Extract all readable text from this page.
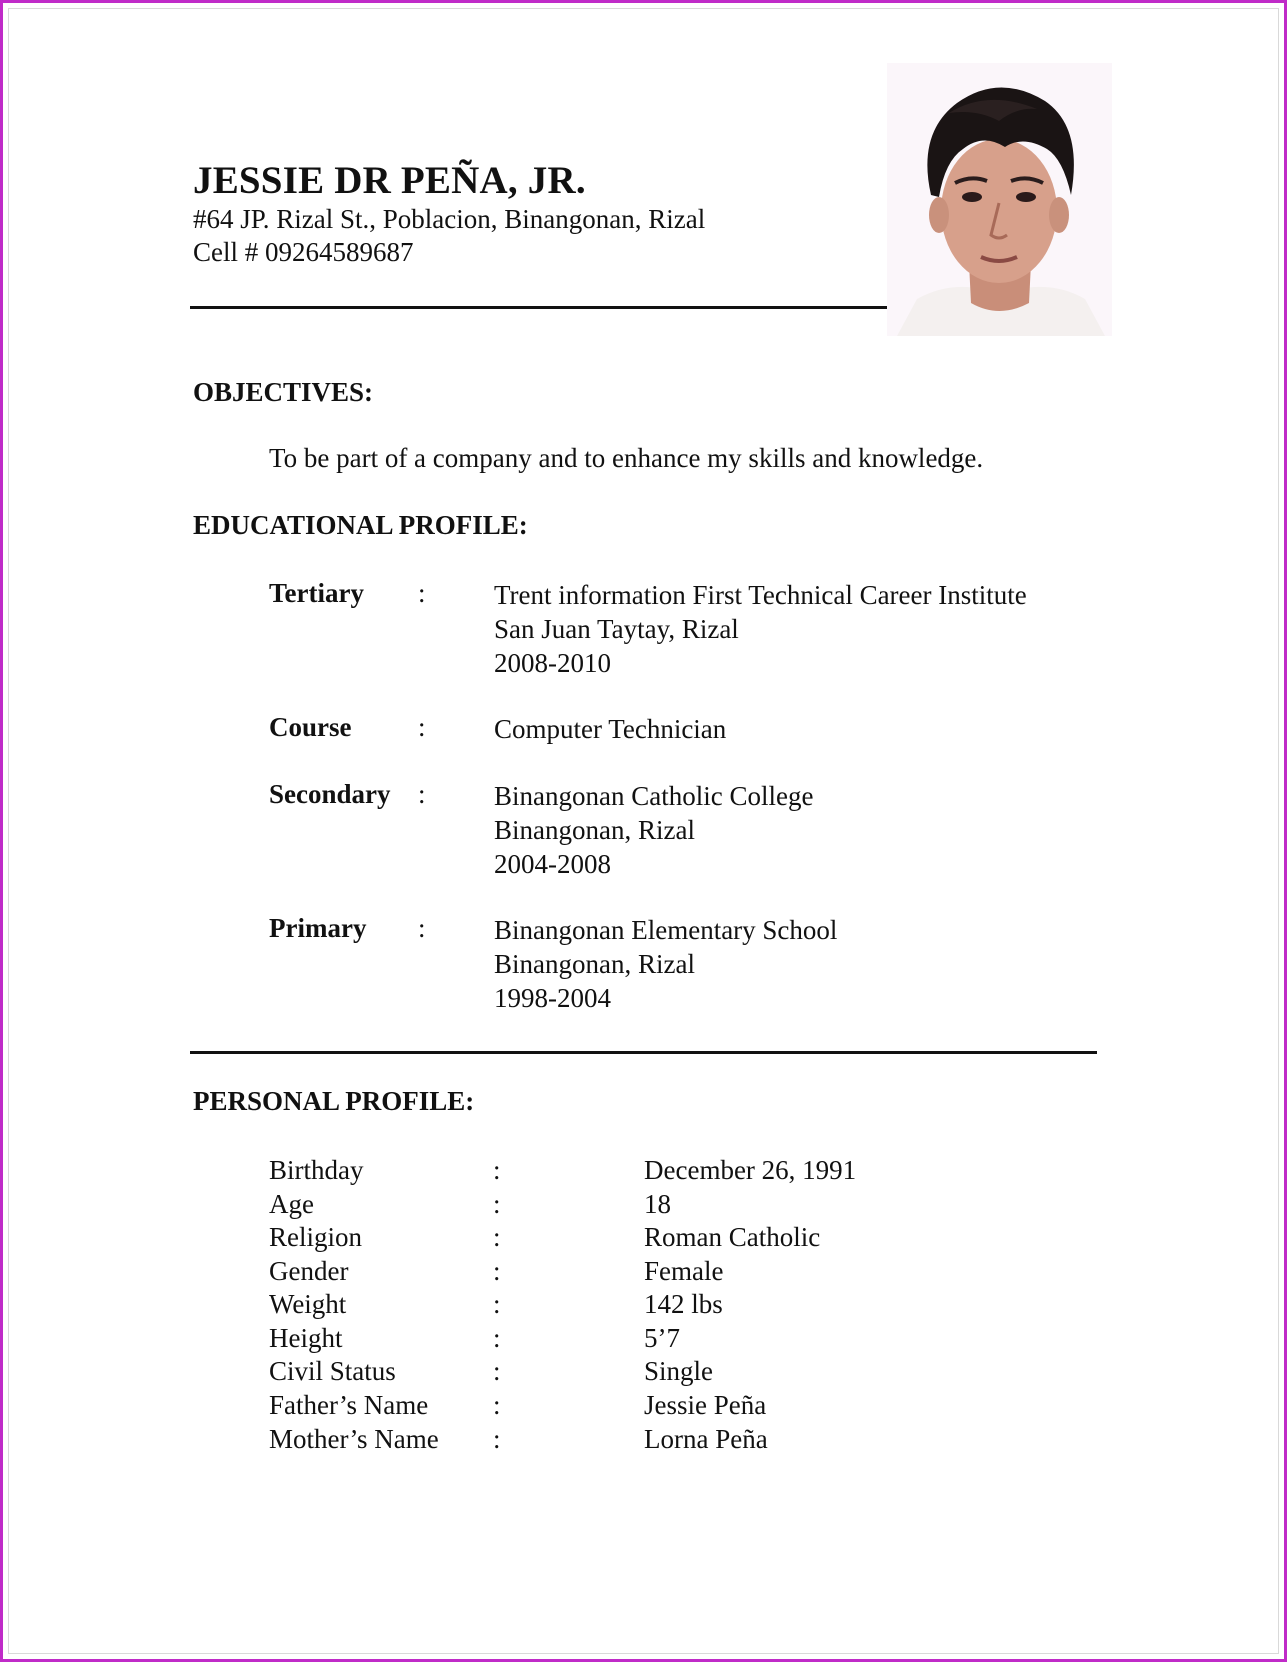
JESSIE DR PEÑA, JR.
#64 JP. Rizal St., Poblacion, Binangonan, Rizal
Cell # 09264589687
OBJECTIVES:
To be part of a company and to enhance my skills and knowledge.
EDUCATIONAL PROFILE:
Tertiary :	Trent information First Technical Career Institute
San Juan Taytay, Rizal
2008-2010
Course :	Computer Technician
Secondary :	Binangonan Catholic College
Binangonan, Rizal
2004-2008
Primary :	Binangonan Elementary School
Binangonan, Rizal
1998-2004
PERSONAL PROFILE:
Birthday	:	December 26, 1991
Age	:	18
Religion	:	Roman Catholic
Gender	:	Female
Weight	:	142 lbs
Height	:	5’7
Civil Status	:	Single
Father’s Name :	Jessie Peña
Mother’s Name :	Lorna Peña
